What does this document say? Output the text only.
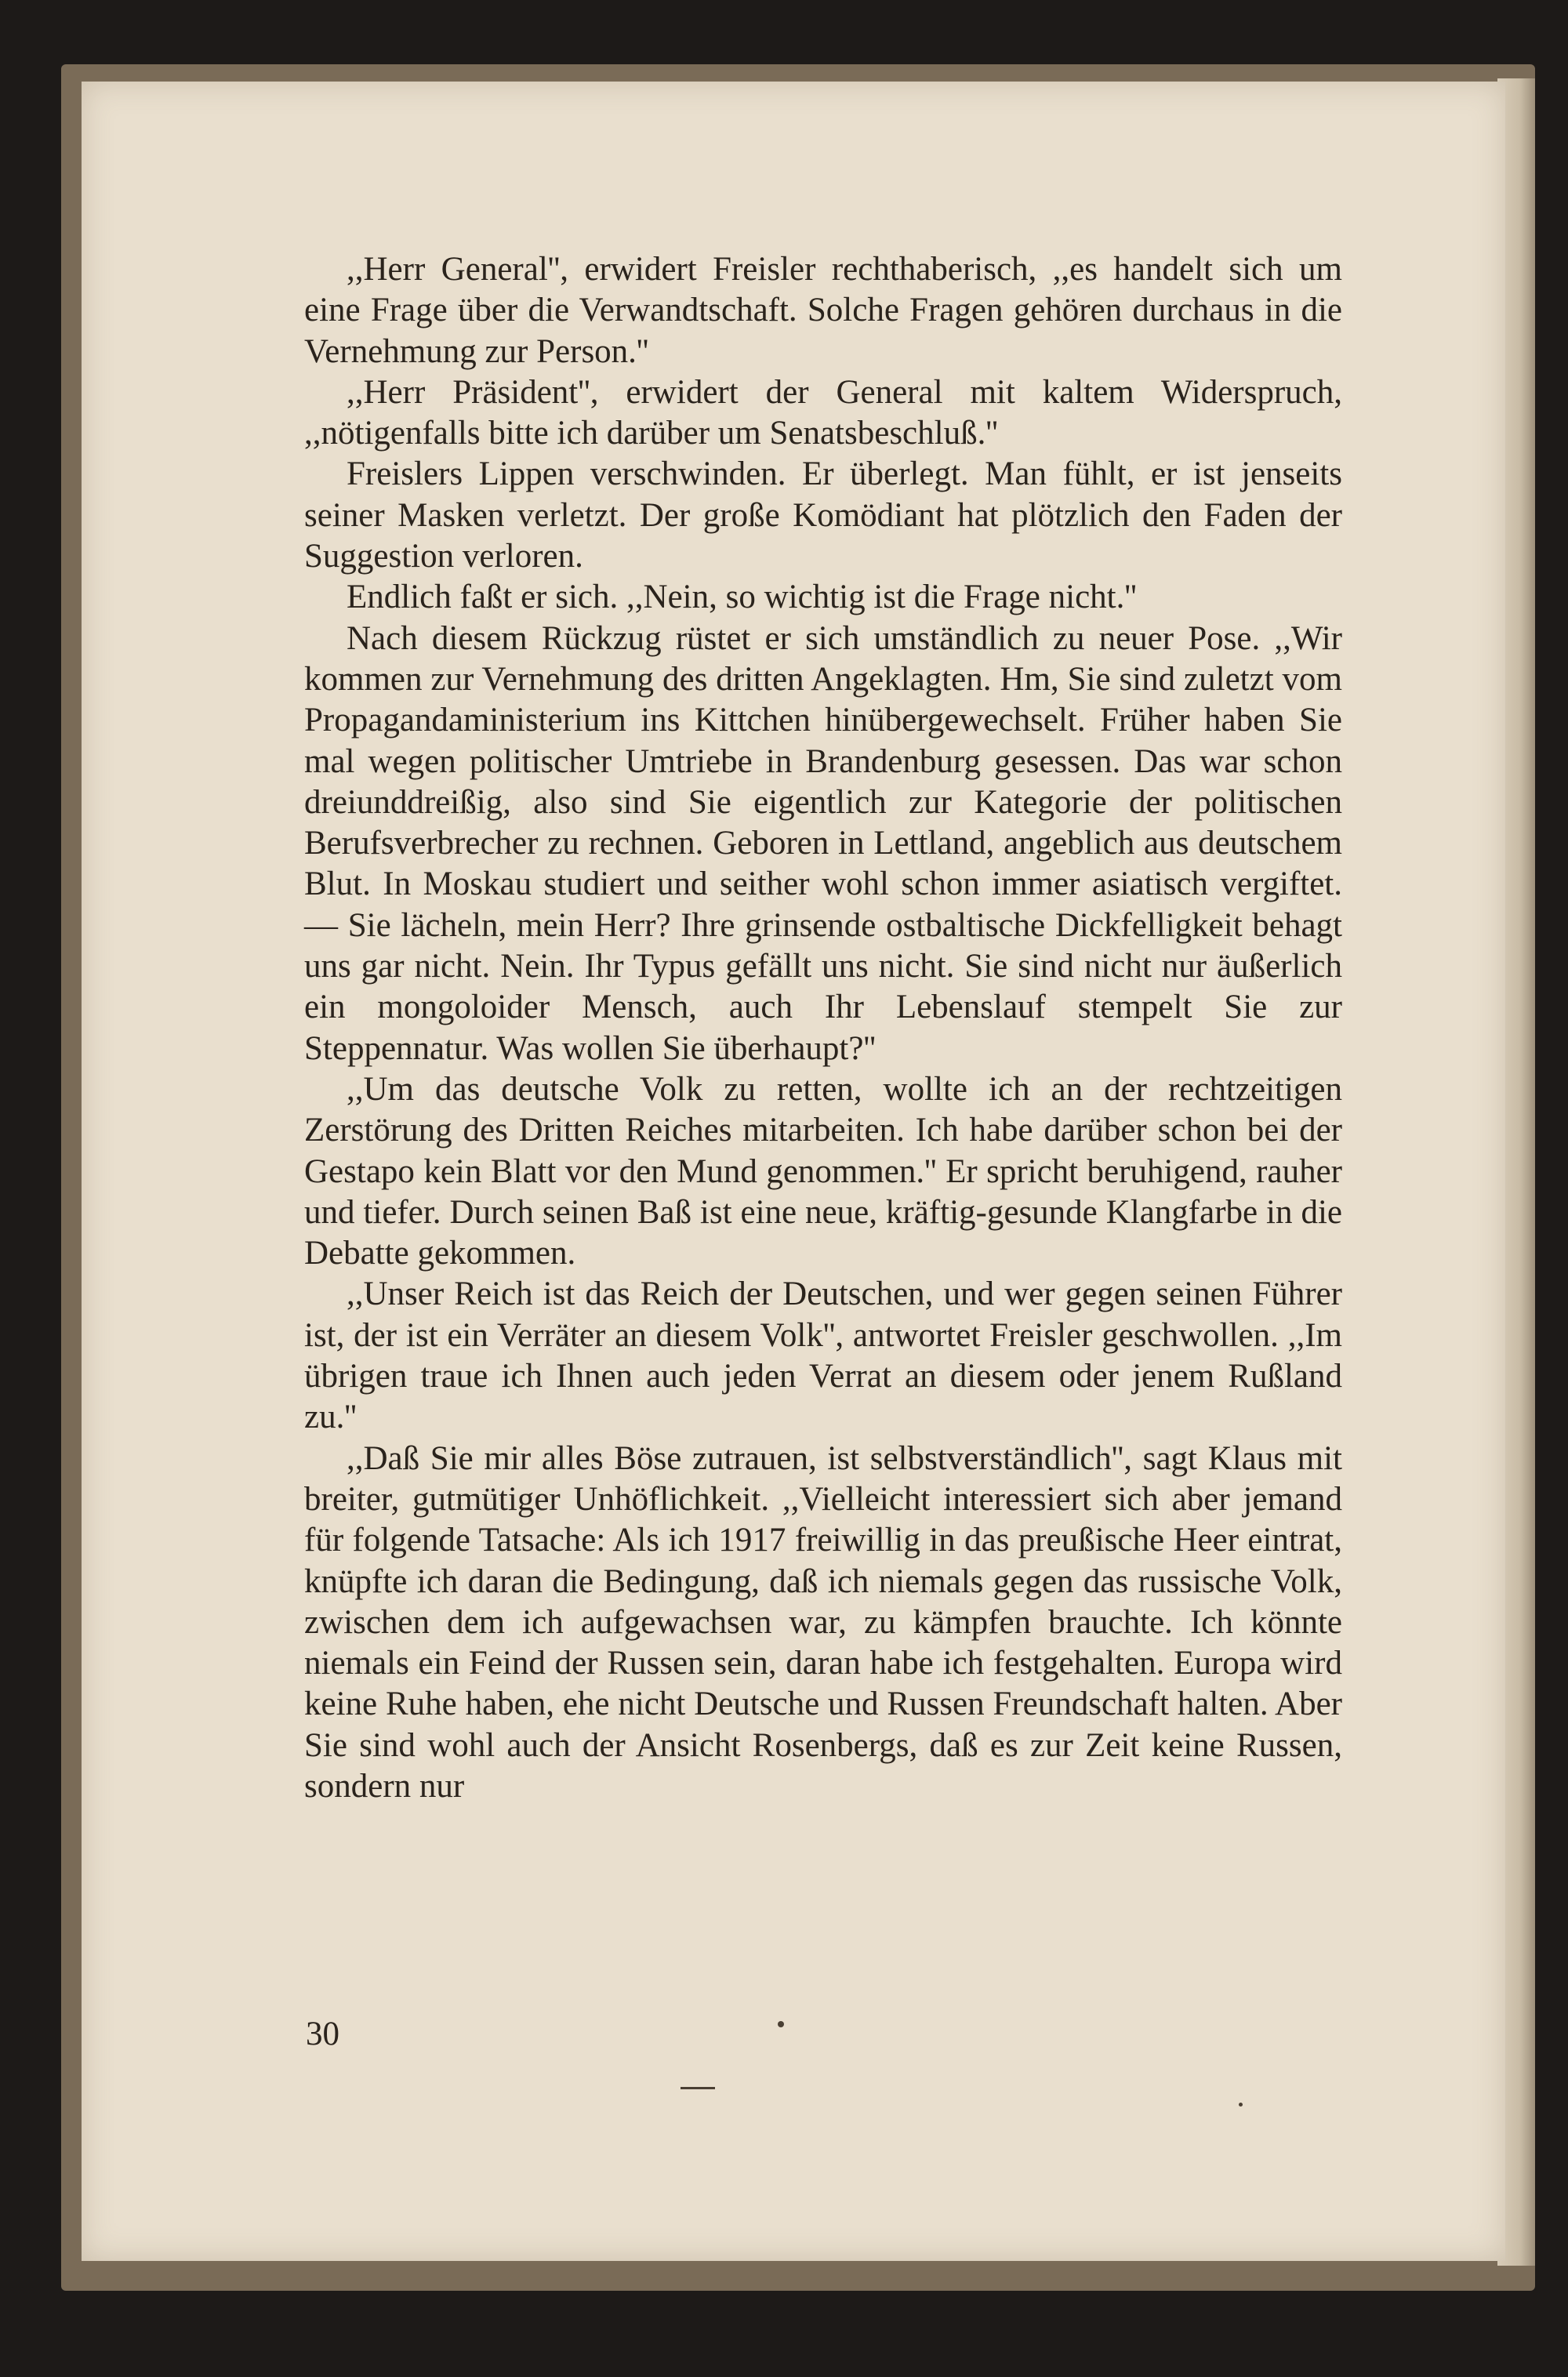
,,Herr General'', erwidert Freisler rechthaberisch, ,,es handelt sich um eine Frage über die Verwandtschaft. Solche Fragen gehören durchaus in die Vernehmung zur Person.''

,,Herr Präsident'', erwidert der General mit kaltem Widerspruch, ,,nötigenfalls bitte ich darüber um Senatsbeschluß.''

Freislers Lippen verschwinden. Er überlegt. Man fühlt, er ist jenseits seiner Masken verletzt. Der große Komödiant hat plötzlich den Faden der Suggestion verloren.

Endlich faßt er sich. ,,Nein, so wichtig ist die Frage nicht.''

Nach diesem Rückzug rüstet er sich umständlich zu neuer Pose. ,,Wir kommen zur Vernehmung des dritten Angeklagten. Hm, Sie sind zuletzt vom Propagandaministerium ins Kittchen hinübergewechselt. Früher haben Sie mal wegen politischer Umtriebe in Brandenburg gesessen. Das war schon dreiunddreißig, also sind Sie eigentlich zur Kategorie der politischen Berufsverbrecher zu rechnen. Geboren in Lettland, angeblich aus deutschem Blut. In Moskau studiert und seither wohl schon immer asiatisch vergiftet. — Sie lächeln, mein Herr? Ihre grinsende ostbaltische Dickfelligkeit behagt uns gar nicht. Nein. Ihr Typus gefällt uns nicht. Sie sind nicht nur äußerlich ein mongoloider Mensch, auch Ihr Lebenslauf stempelt Sie zur Steppennatur. Was wollen Sie überhaupt?''

,,Um das deutsche Volk zu retten, wollte ich an der rechtzeitigen Zerstörung des Dritten Reiches mitarbeiten. Ich habe darüber schon bei der Gestapo kein Blatt vor den Mund genommen.'' Er spricht beruhigend, rauher und tiefer. Durch seinen Baß ist eine neue, kräftig-gesunde Klangfarbe in die Debatte gekommen.

,,Unser Reich ist das Reich der Deutschen, und wer gegen seinen Führer ist, der ist ein Verräter an diesem Volk'', antwortet Freisler geschwollen. ,,Im übrigen traue ich Ihnen auch jeden Verrat an diesem oder jenem Rußland zu.''

,,Daß Sie mir alles Böse zutrauen, ist selbstverständlich'', sagt Klaus mit breiter, gutmütiger Unhöflichkeit. ,,Vielleicht interessiert sich aber jemand für folgende Tatsache: Als ich 1917 freiwillig in das preußische Heer eintrat, knüpfte ich daran die Bedingung, daß ich niemals gegen das russische Volk, zwischen dem ich aufgewachsen war, zu kämpfen brauchte. Ich könnte niemals ein Feind der Russen sein, daran habe ich festgehalten. Europa wird keine Ruhe haben, ehe nicht Deutsche und Russen Freundschaft halten. Aber Sie sind wohl auch der Ansicht Rosenbergs, daß es zur Zeit keine Russen, sondern nur

30
